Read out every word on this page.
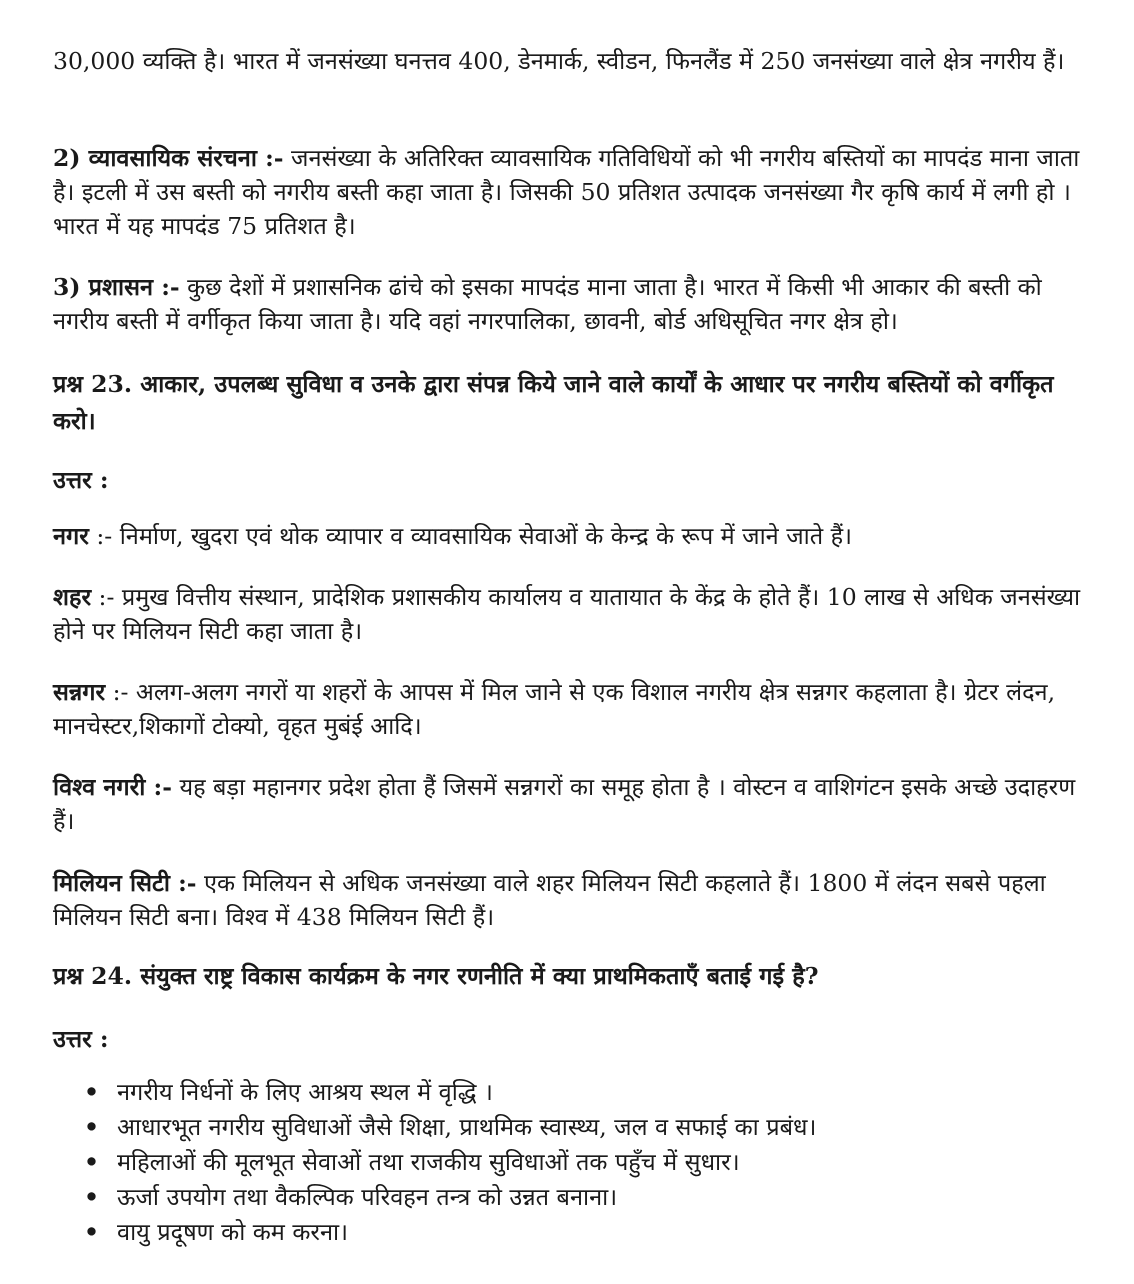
30,000 व्यक्ति है। भारत में जनसंख्या घनत्तव 400, डेनमार्क, स्वीडन, फिनलैंड में 250 जनसंख्या वाले क्षेत्र नगरीय हैं।

2) व्यावसायिक संरचना :- जनसंख्या के अतिरिक्त व्यावसायिक गतिविधियों को भी नगरीय बस्तियों का मापदंड माना जाता है। इटली में उस बस्ती को नगरीय बस्ती कहा जाता है। जिसकी 50 प्रतिशत उत्पादक जनसंख्या गैर कृषि कार्य में लगी हो । भारत में यह मापदंड 75 प्रतिशत है।

3) प्रशासन :- कुछ देशों में प्रशासनिक ढांचे को इसका मापदंड माना जाता है। भारत में किसी भी आकार की बस्ती को नगरीय बस्ती में वर्गीकृत किया जाता है। यदि वहां नगरपालिका, छावनी, बोर्ड अधिसूचित नगर क्षेत्र हो।

प्रश्न 23. आकार, उपलब्ध सुविधा व उनके द्वारा संपन्न किये जाने वाले कार्यों के आधार पर नगरीय बस्तियों को वर्गीकृत करो।

उत्तर :

नगर :- निर्माण, खुदरा एवं थोक व्यापार व व्यावसायिक सेवाओं के केन्द्र के रूप में जाने जाते हैं।

शहर :- प्रमुख वित्तीय संस्थान, प्रादेशिक प्रशासकीय कार्यालय व यातायात के केंद्र के होते हैं। 10 लाख से अधिक जनसंख्या होने पर मिलियन सिटी कहा जाता है।

सन्नगर :- अलग-अलग नगरों या शहरों के आपस में मिल जाने से एक विशाल नगरीय क्षेत्र सन्नगर कहलाता है। ग्रेटर लंदन, मानचेस्टर,शिकागों टोक्यो, वृहत मुबंई आदि।

विश्व नगरी :- यह बड़ा महानगर प्रदेश होता हैं जिसमें सन्नगरों का समूह होता है । वोस्टन व वाशिगंटन इसके अच्छे उदाहरण हैं।

मिलियन सिटी :- एक मिलियन से अधिक जनसंख्या वाले शहर मिलियन सिटी कहलाते हैं। 1800 में लंदन सबसे पहला मिलियन सिटी बना। विश्व में 438 मिलियन सिटी हैं।

प्रश्न 24. संयुक्त राष्ट्र विकास कार्यक्रम के नगर रणनीति में क्या प्राथमिकताएँ बताई गई है?

उत्तर :

• नगरीय निर्धनों के लिए आश्रय स्थल में वृद्धि ।
• आधारभूत नगरीय सुविधाओं जैसे शिक्षा, प्राथमिक स्वास्थ्य, जल व सफाई का प्रबंध।
• महिलाओं की मूलभूत सेवाओं तथा राजकीय सुविधाओं तक पहुँच में सुधार।
• ऊर्जा उपयोग तथा वैकल्पिक परिवहन तन्त्र को उन्नत बनाना।
• वायु प्रदूषण को कम करना।
